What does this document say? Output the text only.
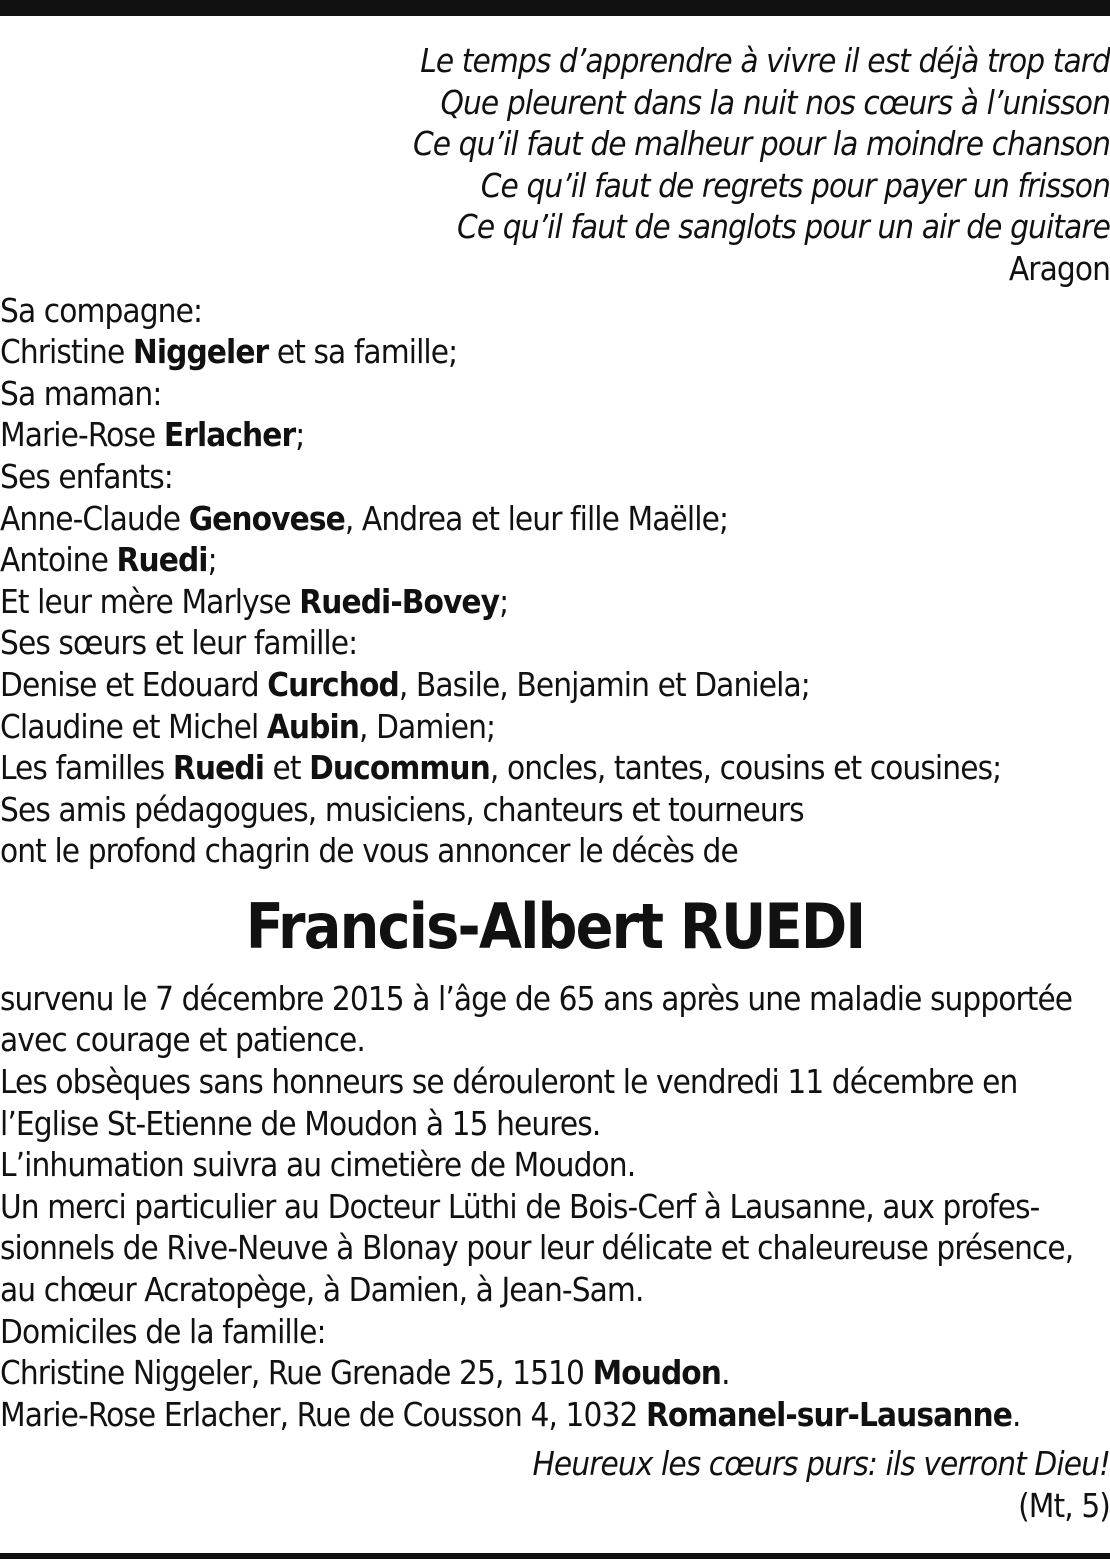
Le temps d’apprendre à vivre il est déjà trop tard
Que pleurent dans la nuit nos cœurs à l’unisson
Ce qu’il faut de malheur pour la moindre chanson
Ce qu’il faut de regrets pour payer un frisson
Ce qu’il faut de sanglots pour un air de guitare
Aragon
Sa compagne:
Christine Niggeler et sa famille;
Sa maman:
Marie-Rose Erlacher;
Ses enfants:
Anne-Claude Genovese, Andrea et leur fille Maëlle;
Antoine Ruedi;
Et leur mère Marlyse Ruedi-Bovey;
Ses sœurs et leur famille:
Denise et Edouard Curchod, Basile, Benjamin et Daniela;
Claudine et Michel Aubin, Damien;
Les familles Ruedi et Ducommun, oncles, tantes, cousins et cousines;
Ses amis pédagogues, musiciens, chanteurs et tourneurs
ont le profond chagrin de vous annoncer le décès de
Francis-Albert RUEDI
survenu le 7 décembre 2015 à l’âge de 65 ans après une maladie supportée
avec courage et patience.
Les obsèques sans honneurs se dérouleront le vendredi 11 décembre en
l’Eglise St-Etienne de Moudon à 15 heures.
L’inhumation suivra au cimetière de Moudon.
Un merci particulier au Docteur Lüthi de Bois-Cerf à Lausanne, aux profes-
sionnels de Rive-Neuve à Blonay pour leur délicate et chaleureuse présence,
au chœur Acratopège, à Damien, à Jean-Sam.
Domiciles de la famille:
Christine Niggeler, Rue Grenade 25, 1510 Moudon.
Marie-Rose Erlacher, Rue de Cousson 4, 1032 Romanel-sur-Lausanne.
Heureux les cœurs purs: ils verront Dieu!
(Mt, 5)
